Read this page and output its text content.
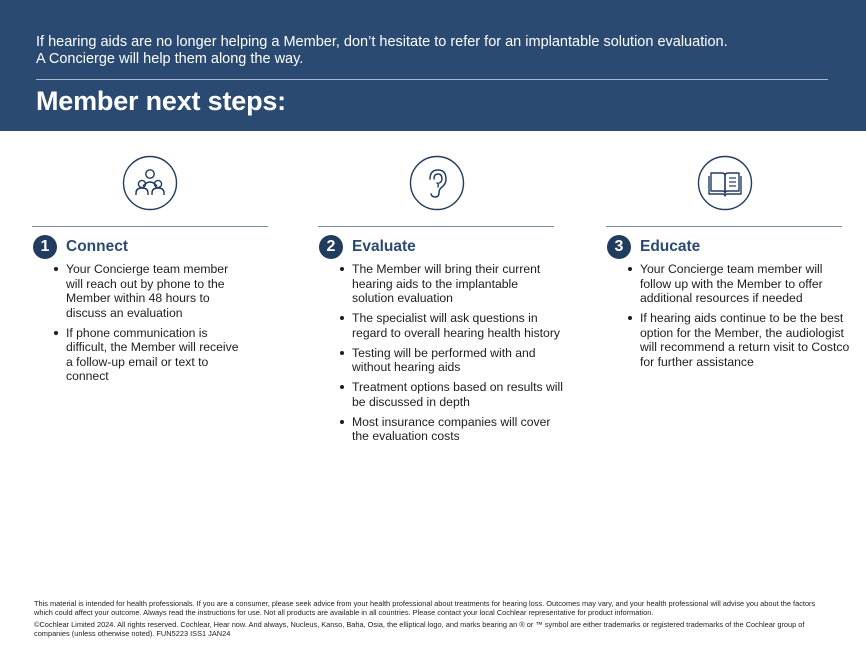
If hearing aids are no longer helping a Member, don’t hesitate to refer for an implantable solution evaluation.
A Concierge will help them along the way.
Member next steps:
1	Connect
Your Concierge team member will reach out by phone to the Member within 48 hours to discuss an evaluation
If phone communication is difficult, the Member will receive a follow-up email or text to connect
2	Evaluate
The Member will bring their current hearing aids to the implantable solution evaluation
The specialist will ask questions in regard to overall hearing health history
Testing will be performed with and without hearing aids
Treatment options based on results will be discussed in depth
Most insurance companies will cover the evaluation costs
3	Educate
Your Concierge team member will follow up with the Member to offer additional resources if needed
If hearing aids continue to be the best option for the Member, the audiologist will recommend a return visit to Costco for further assistance

This material is intended for health professionals. If you are a consumer, please seek advice from your health professional about treatments for hearing loss. Outcomes may vary, and your health professional will advise you about the factors which could affect your outcome. Always read the instructions for use. Not all products are available in all countries. Please contact your local Cochlear representative for product information.

©Cochlear Limited 2024. All rights reserved. Cochlear, Hear now. And always, Nucleus, Kanso, Baha, Osia, the elliptical logo, and marks bearing an ® or ™ symbol are either trademarks or registered trademarks of the Cochlear group of companies (unless otherwise noted). FUN5223 ISS1 JAN24
